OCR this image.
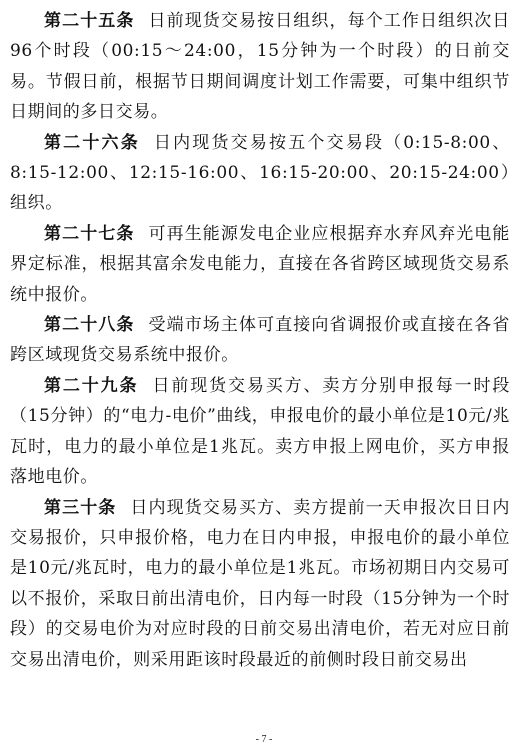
第二十五条 日前现货交易按日组织，每个工作日组织次日96个时段（00:15～24:00，15分钟为一个时段）的日前交易。节假日前，根据节日期间调度计划工作需要，可集中组织节日期间的多日交易。

第二十六条 日内现货交易按五个交易段（0:15-8:00、8:15-12:00、12:15-16:00、16:15-20:00、20:15-24:00）组织。

第二十七条 可再生能源发电企业应根据弃水弃风弃光电能界定标准，根据其富余发电能力，直接在各省跨区域现货交易系统中报价。

第二十八条 受端市场主体可直接向省调报价或直接在各省跨区域现货交易系统中报价。

第二十九条 日前现货交易买方、卖方分别申报每一时段（15分钟）的“电力-电价”曲线，申报电价的最小单位是10元/兆瓦时，电力的最小单位是1兆瓦。卖方申报上网电价，买方申报落地电价。

第三十条 日内现货交易买方、卖方提前一天申报次日日内交易报价，只申报价格，电力在日内申报，申报电价的最小单位是10元/兆瓦时，电力的最小单位是1兆瓦。市场初期日内交易可以不报价，采取日前出清电价，日内每一时段（15分钟为一个时段）的交易电价为对应时段的日前交易出清电价，若无对应日前交易出清电价，则采用距该时段最近的前侧时段日前交易出

- 7 -
